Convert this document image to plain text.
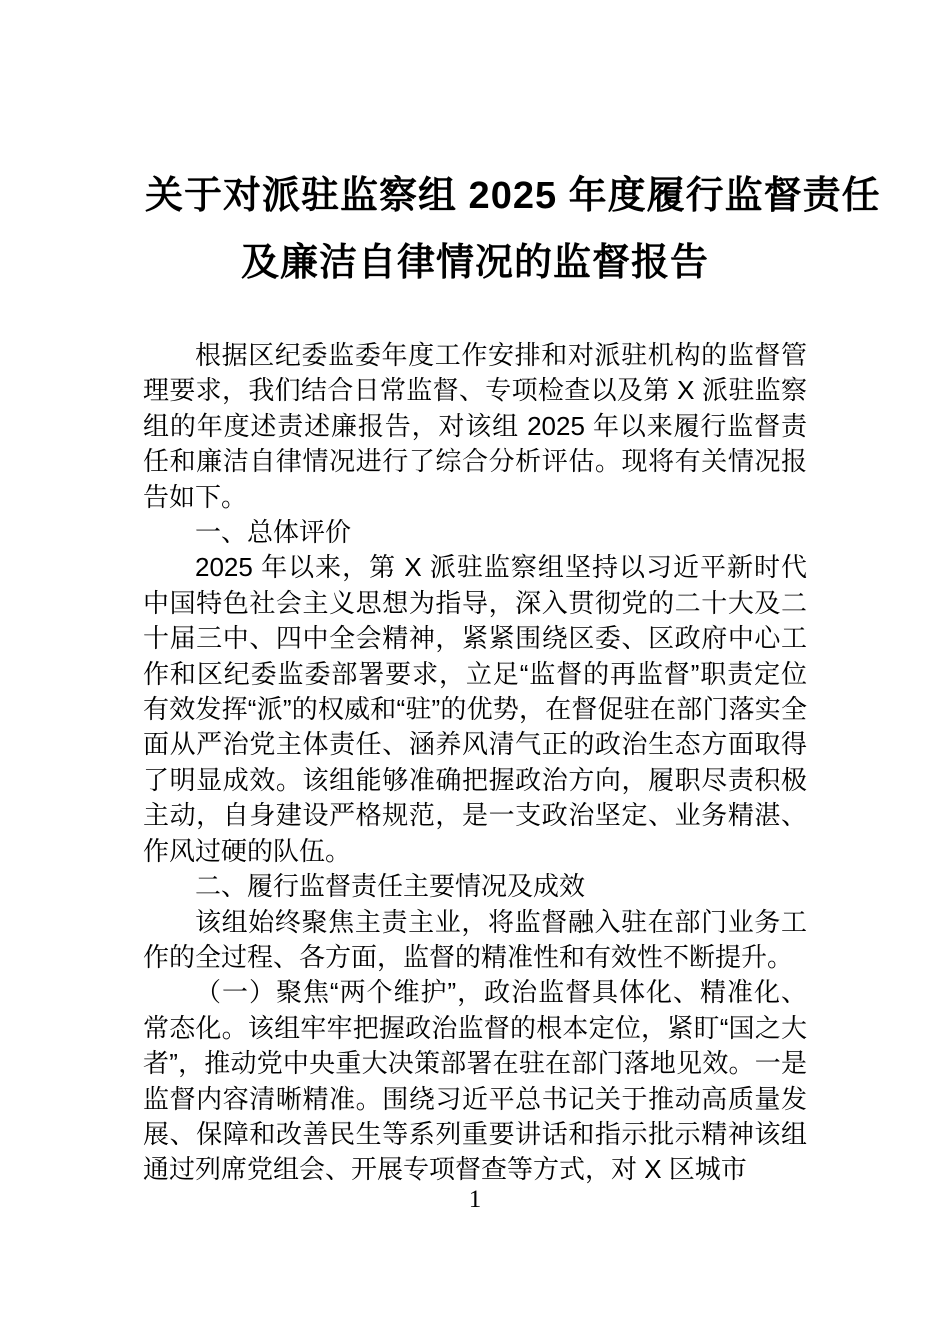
关于对派驻监察组 2025 年度履行监督责任
及廉洁自律情况的监督报告

根据区纪委监委年度工作安排和对派驻机构的监督管理要求，我们结合日常监督、专项检查以及第 X 派驻监察组的年度述责述廉报告，对该组 2025 年以来履行监督责任和廉洁自律情况进行了综合分析评估。现将有关情况报告如下。

一、总体评价

2025 年以来，第 X 派驻监察组坚持以习近平新时代中国特色社会主义思想为指导，深入贯彻党的二十大及二十届三中、四中全会精神，紧紧围绕区委、区政府中心工作和区纪委监委部署要求，立足“监督的再监督”职责定位有效发挥“派”的权威和“驻”的优势，在督促驻在部门落实全面从严治党主体责任、涵养风清气正的政治生态方面取得了明显成效。该组能够准确把握政治方向，履职尽责积极主动，自身建设严格规范，是一支政治坚定、业务精湛、作风过硬的队伍。

二、履行监督责任主要情况及成效

该组始终聚焦主责主业，将监督融入驻在部门业务工作的全过程、各方面，监督的精准性和有效性不断提升。

（一）聚焦“两个维护”，政治监督具体化、精准化、常态化。该组牢牢把握政治监督的根本定位，紧盯“国之大者”，推动党中央重大决策部署在驻在部门落地见效。一是监督内容清晰精准。围绕习近平总书记关于推动高质量发展、保障和改善民生等系列重要讲话和指示批示精神该组通过列席党组会、开展专项督查等方式，对 X 区城市

1
